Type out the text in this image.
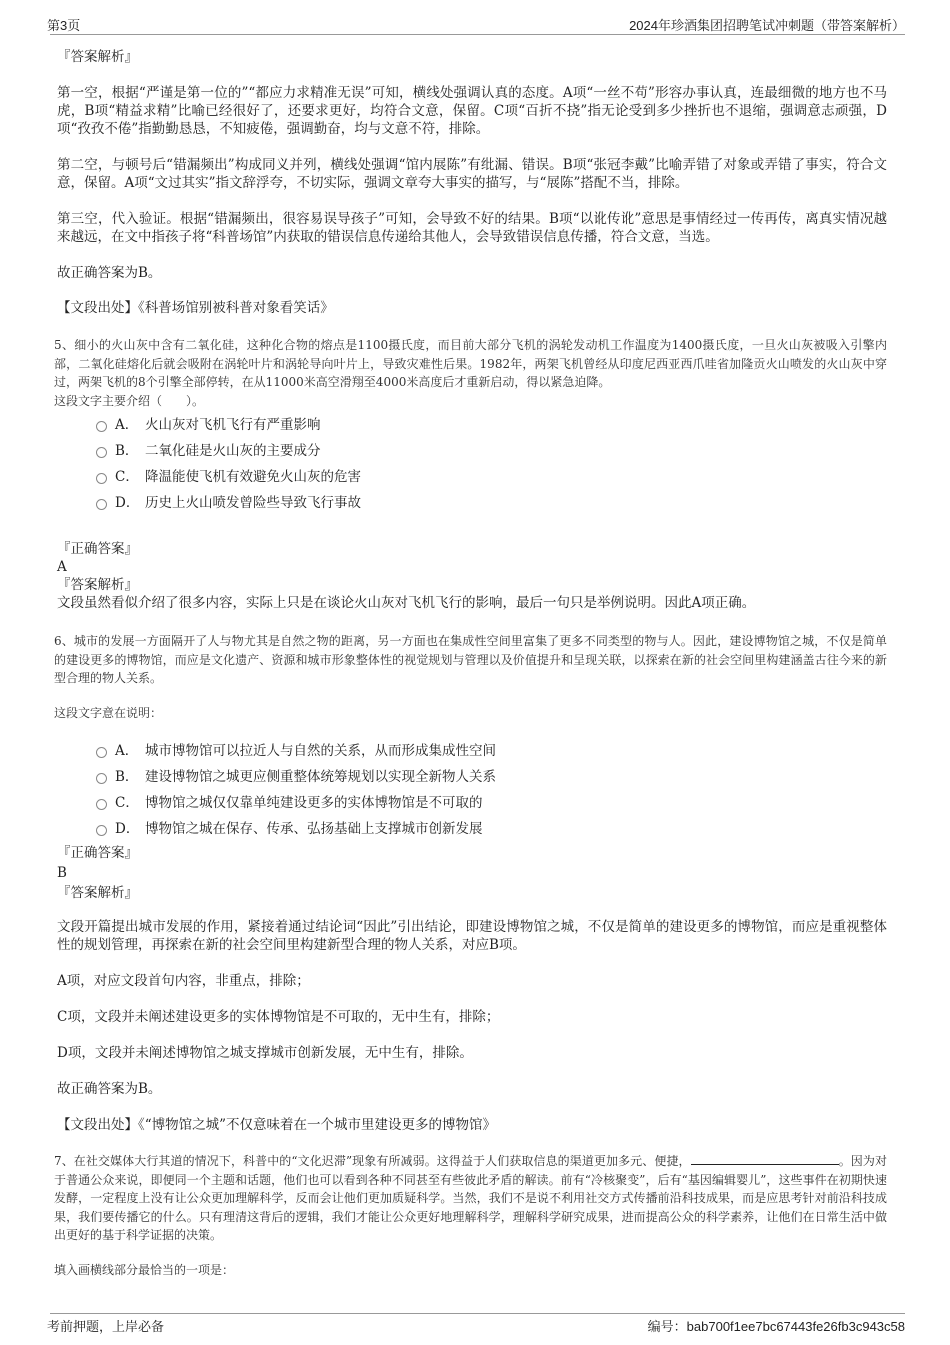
第3页	2024年珍酒集团招聘笔试冲刺题（带答案解析）

『答案解析』

第一空，根据“严谨是第一位的”“都应力求精准无误”可知，横线处强调认真的态度。A项“一丝不苟”形容办事认真，连最细微的地方也不马虎，B项“精益求精”比喻已经很好了，还要求更好，均符合文意，保留。C项“百折不挠”指无论受到多少挫折也不退缩，强调意志顽强，D项“孜孜不倦”指勤勤恳恳，不知疲倦，强调勤奋，均与文意不符，排除。

第二空，与顿号后“错漏频出”构成同义并列，横线处强调“馆内展陈”有纰漏、错误。B项“张冠李戴”比喻弄错了对象或弄错了事实，符合文意，保留。A项“文过其实”指文辞浮夸，不切实际，强调文章夸大事实的描写，与“展陈”搭配不当，排除。

第三空，代入验证。根据“错漏频出，很容易误导孩子”可知，会导致不好的结果。B项“以讹传讹”意思是事情经过一传再传，离真实情况越来越远，在文中指孩子将“科普场馆”内获取的错误信息传递给其他人，会导致错误信息传播，符合文意，当选。

故正确答案为B。

【文段出处】《科普场馆别被科普对象看笑话》

5、细小的火山灰中含有二氧化硅，这种化合物的熔点是1100摄氏度，而目前大部分飞机的涡轮发动机工作温度为1400摄氏度，一旦火山灰被吸入引擎内部，二氧化硅熔化后就会吸附在涡轮叶片和涡轮导向叶片上，导致灾难性后果。1982年，两架飞机曾经从印度尼西亚西爪哇省加隆贡火山喷发的火山灰中穿过，两架飞机的8个引擎全部停转，在从11000米高空滑翔至4000米高度后才重新启动，得以紧急迫降。

这段文字主要介绍（　　）。

A． 火山灰对飞机飞行有严重影响
B． 二氧化硅是火山灰的主要成分
C． 降温能使飞机有效避免火山灰的危害
D． 历史上火山喷发曾险些导致飞行事故

『正确答案』

A

『答案解析』

文段虽然看似介绍了很多内容，实际上只是在谈论火山灰对飞机飞行的影响，最后一句只是举例说明。因此A项正确。

6、城市的发展一方面隔开了人与物尤其是自然之物的距离，另一方面也在集成性空间里富集了更多不同类型的物与人。因此，建设博物馆之城，不仅是简单的建设更多的博物馆，而应是文化遗产、资源和城市形象整体性的视觉规划与管理以及价值提升和呈现关联，以探索在新的社会空间里构建涵盖古往今来的新型合理的物人关系。

这段文字意在说明：

A． 城市博物馆可以拉近人与自然的关系，从而形成集成性空间
B． 建设博物馆之城更应侧重整体统筹规划以实现全新物人关系
C． 博物馆之城仅仅靠单纯建设更多的实体博物馆是不可取的
D． 博物馆之城在保存、传承、弘扬基础上支撑城市创新发展

『正确答案』

B

『答案解析』

文段开篇提出城市发展的作用，紧接着通过结论词“因此”引出结论，即建设博物馆之城，不仅是简单的建设更多的博物馆，而应是重视整体性的规划管理，再探索在新的社会空间里构建新型合理的物人关系，对应B项。

A项，对应文段首句内容，非重点，排除；

C项，文段并未阐述建设更多的实体博物馆是不可取的，无中生有，排除；

D项，文段并未阐述博物馆之城支撑城市创新发展，无中生有，排除。

故正确答案为B。

【文段出处】《“博物馆之城”不仅意味着在一个城市里建设更多的博物馆》

7、在社交媒体大行其道的情况下，科普中的“文化迟滞”现象有所减弱。这得益于人们获取信息的渠道更加多元、便捷，	。因为对于普通公众来说，即便同一个主题和话题，他们也可以看到各种不同甚至有些彼此矛盾的解读。前有“冷核聚变”，后有“基因编辑婴儿”，这些事件在初期快速发酵，一定程度上没有让公众更加理解科学，反而会让他们更加质疑科学。当然，我们不是说不利用社交方式传播前沿科技成果，而是应思考针对前沿科技成果，我们要传播它的什么。只有理清这背后的逻辑，我们才能让公众更好地理解科学，理解科学研究成果，进而提高公众的科学素养，让他们在日常生活中做出更好的基于科学证据的决策。

填入画横线部分最恰当的一项是：

考前押题，上岸必备	编号：bab700f1ee7bc67443fe26fb3c943c58
